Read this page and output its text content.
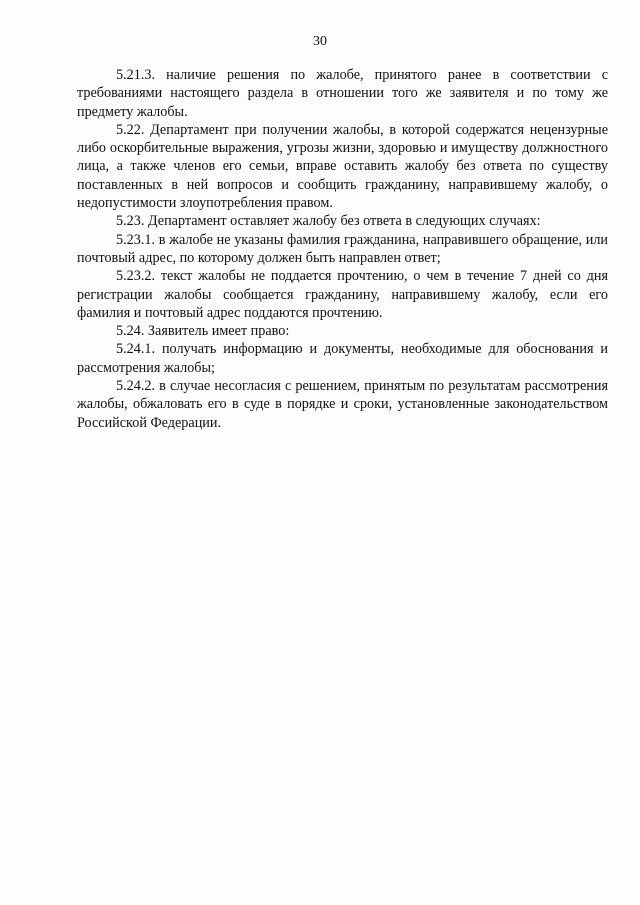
30

5.21.3. наличие решения по жалобе, принятого ранее в соответствии с требованиями настоящего раздела в отношении того же заявителя и по тому же предмету жалобы.

5.22. Департамент при получении жалобы, в которой содержатся нецензурные либо оскорбительные выражения, угрозы жизни, здоровью и имуществу должностного лица, а также членов его семьи, вправе оставить жалобу без ответа по существу поставленных в ней вопросов и сообщить гражданину, направившему жалобу, о недопустимости злоупотребления правом.

5.23. Департамент оставляет жалобу без ответа в следующих случаях:

5.23.1. в жалобе не указаны фамилия гражданина, направившего обращение, или почтовый адрес, по которому должен быть направлен ответ;

5.23.2. текст жалобы не поддается прочтению, о чем в течение 7 дней со дня регистрации жалобы сообщается гражданину, направившему жалобу, если его фамилия и почтовый адрес поддаются прочтению.

5.24. Заявитель имеет право:

5.24.1. получать информацию и документы, необходимые для обоснования и рассмотрения жалобы;

5.24.2. в случае несогласия с решением, принятым по результатам рассмотрения жалобы, обжаловать его в суде в порядке и сроки, установленные законодательством Российской Федерации.
